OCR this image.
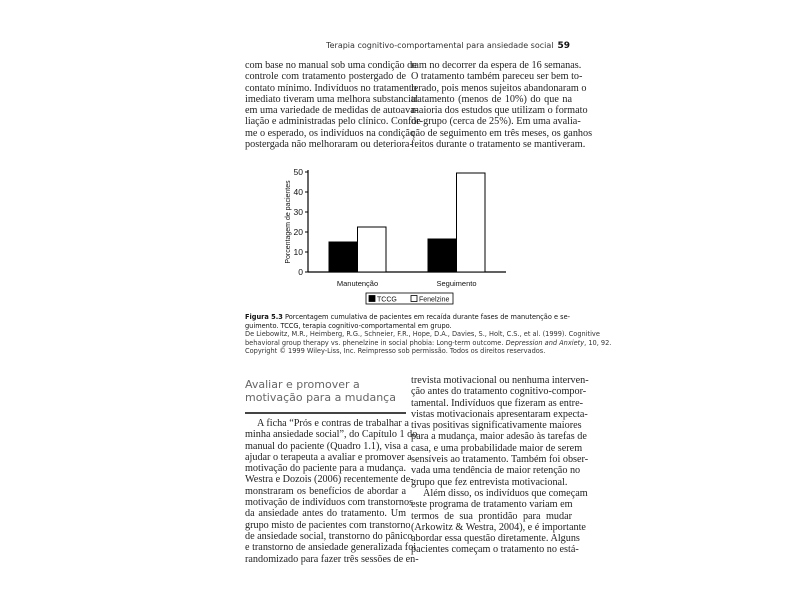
Terapia cognitivo-comportamental para ansiedade social 59
com base no manual sob uma condição de
controle com tratamento postergado de
contato mínimo. Indivíduos no tratamento
imediato tiveram uma melhora substancial
em uma variedade de medidas de autoava-
liação e administradas pelo clínico. Confor-
me o esperado, os indivíduos na condição
postergada não melhoraram ou deteriora-
ram no decorrer da espera de 16 semanas.
O tratamento também pareceu ser bem to-
lerado, pois menos sujeitos abandonaram o
tratamento (menos de 10%) do que na
maioria dos estudos que utilizam o formato
de grupo (cerca de 25%). Em uma avalia-
ção de seguimento em três meses, os ganhos
feitos durante o tratamento se mantiveram.
0
10
20
30
40
50
Porcentagem de pacientes
Manutenção	Seguimento
TCCG	Fenelzine
Figura 5.3 Porcentagem cumulativa de pacientes em recaída durante fases de manutenção e se-
guimento. TCCG, terapia cognitivo-comportamental em grupo.
De Liebowitz, M.R., Heimberg, R.G., Schneier, F.R., Hope, D.A., Davies, S., Holt, C.S., et al. (1999). Cognitive
behavioral group therapy vs. phenelzine in social phobia: Long-term outcome. Depression and Anxiety, 10, 92.
Copyright © 1999 Wiley-Liss, Inc. Reimpresso sob permissão. Todos os direitos reservados.
Avaliar e promover a
motivação para a mudança
A ficha “Prós e contras de trabalhar a
minha ansiedade social”, do Capítulo 1 do
manual do paciente (Quadro 1.1), visa a
ajudar o terapeuta a avaliar e promover a
motivação do paciente para a mudança.
Westra e Dozois (2006) recentemente de-
monstraram os benefícios de abordar a
motivação de indivíduos com transtornos
da ansiedade antes do tratamento. Um
grupo misto de pacientes com transtorno
de ansiedade social, transtorno do pânico
e transtorno de ansiedade generalizada foi
randomizado para fazer três sessões de en-
trevista motivacional ou nenhuma interven-
ção antes do tratamento cognitivo-compor-
tamental. Indivíduos que fizeram as entre-
vistas motivacionais apresentaram expecta-
tivas positivas significativamente maiores
para a mudança, maior adesão às tarefas de
casa, e uma probabilidade maior de serem
sensíveis ao tratamento. Também foi obser-
vada uma tendência de maior retenção no
grupo que fez entrevista motivacional.
Além disso, os indivíduos que começam
este programa de tratamento variam em
termos de sua prontidão para mudar
(Arkowitz & Westra, 2004), e é importante
abordar essa questão diretamente. Alguns
pacientes começam o tratamento no está-
